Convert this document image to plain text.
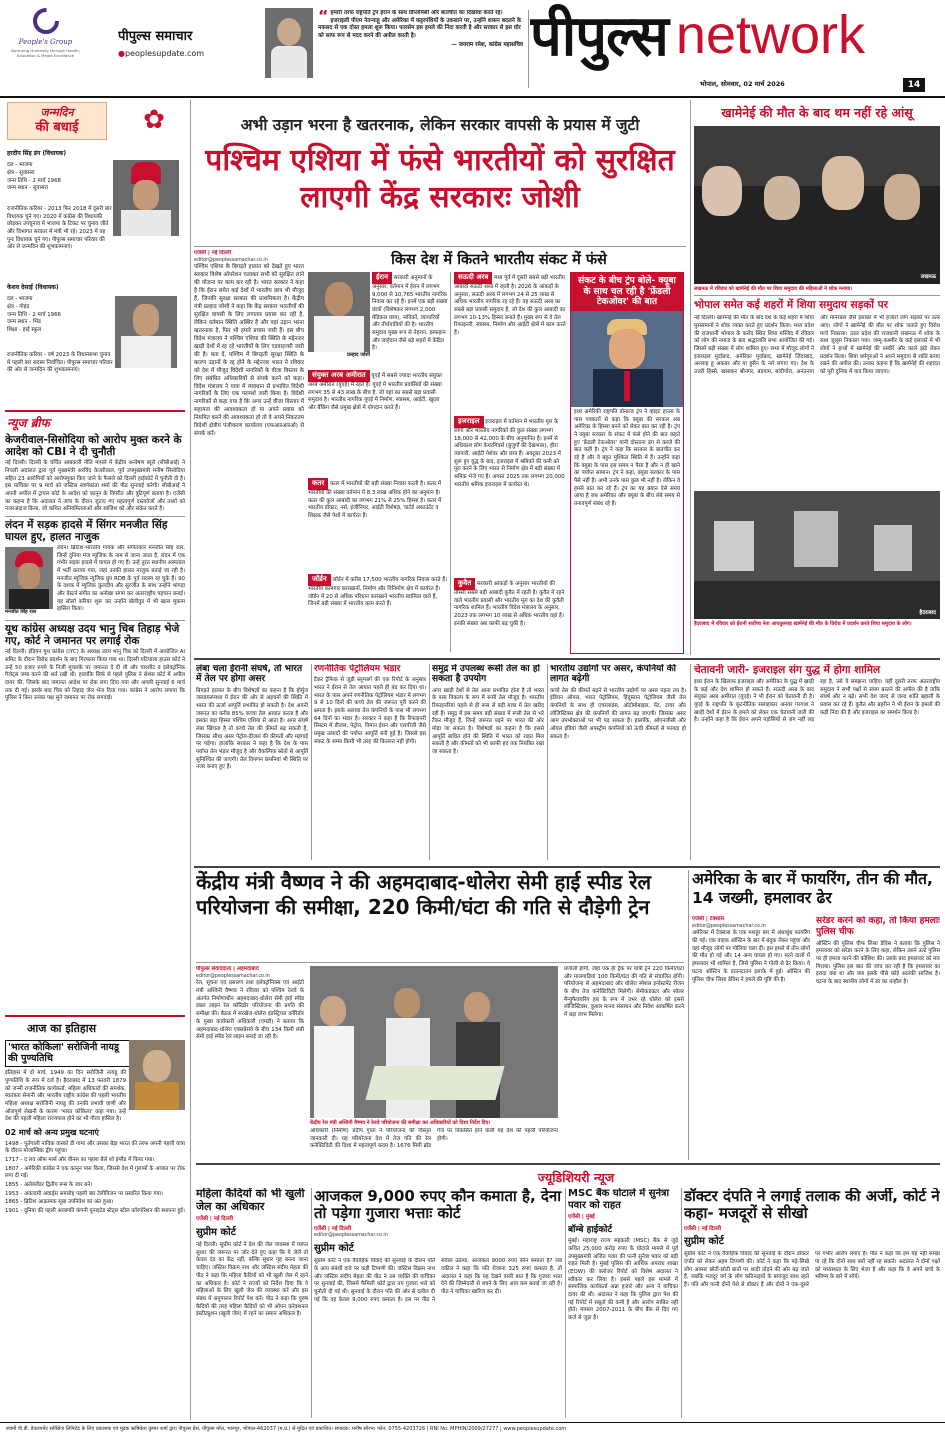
People's Group
Nurturing Humanity through Health, Education & Media Excellence
पीपुल्स समाचार
●peoplesupdate.com
“ हमारी तरफ राष्ट्रपति ट्रंप ईरान के साथ डिप्लोमेसी और बातचीत का दिखावा करते रहे। इजराइली पीएम नेतन्याहू और अमेरिका में कट्टरपंथियों के उकसाने पर, उन्होंने शासन बदलने के मकसद से एक दोस्त हमला शुरू किया। फारसेम इस हमले की निंदा करती है और सरकार से इस घोर को साफ रूप से मदद करने की अपील करती है।
— जयराम रमेश, कांग्रेस महासचिव पीपुल्स network
भोपाल, सोमवार, 02 मार्च 2026	14
जन्मदिन
की बधाई	✿
हरदीप सिंह डंग (विधायक)
दल - भाजपा
क्षेत्र - सुवासरा
जन्म तिथि - 2 मार्च 1968
जन्म स्थान - सुवासरा
राजनीतिक करियर - 2013 फिर 2018 में दूसरी बार विधायक चुने गए। 2020 में कांग्रेस की विधायकी छोड़कर उपचुनाव में भाजपा के टिकट पर चुनाव जीते और विभागत सरकार में मंत्री भी रहे। 2023 में वह पुनः विधायक चुने गए। पीपुल्स समाचार परिवार की ओर से जन्मदिन की शुभकामनाएं।
केशव देसाई (विधायक)
दल - भाजपा
क्षेत्र - गोहद
जन्म तिथि - 2 मार्च 1966
जन्म स्थान - भिंड
शिक्षा - हाई स्कूल
राजनीतिक करियर - वर्ष 2023 के विधानसभा चुनाव में पहली बार सदस्य निर्वाचित। पीपुल्स समाचार परिवार की ओर से जन्मदिन की शुभकामनाएं।
न्यूज ब्रीफ
केजरीवाल-सिसोदिया को आरोप मुक्त करने के आदेश को CBI ने दी चुनौती
नई दिल्ली। दिल्ली के चर्चित आबकारी नीति मामले में केंद्रीय अन्वेषण ब्यूरो (सीबीआई) ने निचली अदालत द्वारा पूर्व मुख्यमंत्री अरविंद केजरीवाल, पूर्व उपमुख्यमंत्री मनीष सिसोदिया सहित 23 आरोपियों को आरोपमुक्त किए जाने के फैसले को दिल्ली हाईकोर्ट में चुनौती दी है। इस याचिका पर 9 मार्च को जस्टिस स्वर्णकांता शर्मा की पीठ सुनवाई करेगी। सीबीआई ने अपनी अपील में ट्रायल कोर्ट के आदेश को कानून के विपरीत और त्रुटिपूर्ण बताया है। एजेंसी का कहना है कि अदालत ने जांच के दौरान जुटाए गए महत्वपूर्ण दस्तावेजों और तथ्यों को नजरअंदाज किया, जो कथित अनियमितताओं और साजिश को और संकेत करते हैं।
लंदन में सड़क हादसे में सिंगर मनजीत सिंह घायल हुए, हालत नाजुक
मनजीत सिंह राल
लंदन। ब्रिटिश-भारतीय गायक और संगीतकार मनजीत सिंह राल, जिन्हें दुनिया मंज म्यूजिक के नाम से जाना जाता है, लंदन में एक गंभीर सड़क हादसे में घायल हो गए हैं। उन्हें तुरंत स्थानीय अस्पताल में भर्ती कराया गया, जहां उनकी हालत नाजुक बताई जा रही है। मनजीत म्यूजिक न्यूजिक ग्रुप RDB के पूर्व सदस्य रह चुके हैं। 90 के दशक में म्यूजिक कुलदीप और सुरजीत के साथ उन्होंने भांगड़ा और वेस्टर्न संगीत का अनोखा संगम कर अंतरराष्ट्रीय पहचान बनाई। यह सोलो करियर शुरू कर उन्होंने बॉलीवुड में भी खास मुकाम हासिल किया।
यूथ कांग्रेस अध्यक्ष उदय भानु चिब तिहाड़ भेजे गए, कोर्ट ने जमानत पर लगाई रोक
नई दिल्ली। इंडियन यूथ कांग्रेस (IYC) के अध्यक्ष उदय भानु चिब को दिल्ली में आयोजित AI समिट के दौरान विरोध प्रदर्शन के बाद गिरफ्तार किया गया था। दिल्ली पटियाला हाउस कोर्ट ने उन्हें 50 हजार रुपये के निजी मुचलके पर जमानत दे दी थी और चारशीट व इलेक्ट्रॉनिक गैजेट्स जमा करने की शर्त रखी थी। हालांकि सिर्फ से पहले पुलिस ने सेशंस कोर्ट में अपील दायर की, जिसके बाद जमानत आदेश पर रोक लगा दिया गया और अगली सुनवाई 6 मार्च तक दी गई। इसके बाद चिब को तिहाड़ जेल भेज दिया गया। कांग्रेस ने आरोप लगाया कि पुलिस ने बिना उनका पक्ष सुने जमानत पर रोक लगवाई।
आज का इतिहास
'भारत कोकिला' सरोजिनी नायडू की पुण्यतिथि
इतिहास में दो मार्च, 1949 का दिन सरोजिनी नायडू की पुण्यतिथि के रूप में दर्ज है। हैदराबाद में 13 फरवरी 1879 को जन्मीं राजनीतिक कार्यकर्ता, महिला अधिकारों की समर्थक, स्वतंत्रता सेनानी और भारतीय राष्ट्रीय कांग्रेस की पहली भारतीय महिला अध्यक्ष सरोजिनी नायडू की उनकी प्रभावी वाणी और ओजपूर्ण लेखनी के कारण 'भारत कोकिला' कहा गया। उन्हें देश की पहली महिला राज्यपाल होने का भी गौरव हासिल है।
02 मार्च को अन्य प्रमुख घटनाएं
1498 - पुर्तगाली नाविक वास्को डी गामा और उसका बेड़ा भारत की तरफ अपनी पहली यात्रा के दौरान मोजाम्बिक द्वीप पहुंचा।
1717 - द लव ऑफ मार्स और वीनस का पहला बैले शो इंग्लैंड में किया गया।
1807 - अमेरिकी कांग्रेस ने एक कानून पास किया, जिससे देश में गुलामों के आयात पर रोक लगा दी गई।
1855 - अलेक्जेंडर द्वितीय रूस के जार बने।
1953 - अकादमी अवार्ड्स समारोह पहली बार टेलीविजन पर प्रसारित किया गया।
1865 - ब्रिटिश आक्रामक सूबा उपनिवेश का अंत हुआ।
1901 - दुनिया की पहली अरबपति कंपनी यूनाइटेड स्टेट्स स्टील कॉरपोरेशन की स्थापना हुई।
अभी उड़ान भरना है खतरनाक, लेकिन सरकार वापसी के प्रयास में जुटी
पश्चिम एशिया में फंसे भारतीयों को सुरक्षित लाएगी केंद्र सरकारः जोशी
एजेंसी | नई दिल्ली
editor@peoplessamachar.co.in
पश्चिम एशिया के बिगड़ते हालात को देखते हुए भारत सरकार विशेष ऑपरेशन चलाकर सभी को सुरक्षित लाने की योजना पर काम कर रही है। भारत सरकार ने कहा है कि ईरान समेत कई देशों में भारतीय छात्र भी मौजूद हैं, जिनकी सुरक्षा सरकार की प्राथमिकता है। केंद्रीय मंत्री प्रल्हाद जोशी ने कहा कि केंद्र सरकार भारतीयों की सुरक्षित वापसी के लिए लगातार प्रयास कर रही है, लेकिन वर्तमान स्थिति अस्थिर है और वहां उड़ान भरना खतरनाक है, फिर भी हमारे प्रयास जारी हैं। इस बीच विदेश मंत्रालय ने पश्चिम एशिया की स्थिति के मद्देनजर खाड़ी देशों में रह रहे भारतीयों के लिए एडवाइजरी जारी की है। बता दें, पश्चिम में बिगड़ती सुरक्षा स्थिति के कारण उड़ानों के रद्द होने के मद्देनजर भारत ने रविवार को देश में मौजूद विदेशी नागरिकों के वीजा विस्तार के लिए संबंधित अधिकारियों से संपर्क करने को कहा। विदेश मंत्रालय ने यात्रा में व्यवधान से प्रभावित विदेशी नागरिकों के लिए एक परामर्श जारी किया है। विदेशी नागरिकों से कहा गया है कि अगर उन्हें वीजा विस्तार में सहायता की आवश्यकता हो या अपने प्रवास को नियमित करने की आवश्यकता हो तो वे अपने निकटतम विदेशी क्षेत्रीय पंजीकरण कार्यालय (एफआरआरओ) से संपर्क करें।
किस देश में कितने भारतीय संकट में फंसे
प्रल्हाद जोशी
ईरान सरकारी अनुमानों के अनुसार, वर्तमान में ईरान में लगभग 9,000 से 10,765 भारतीय नागरिक निवास कर रहे हैं। इनमें एक बड़ी संख्या छात्रों (विशेषकर लगभग 2,000 मेडिकल छात्र), नाविकों, व्यापारियों और तीर्थयात्रियों की है। भारतीय समुदाय मुख्य रूप से तेहरान, इस्फहान और जाहेदान जैसे बड़े शहरों में केंद्रित है।
संयुक्त अरब अमीरात यूएई में सबसे ज्यादा भारतीय संयुक्त अरब अमीरात (यूएई) में रहते हैं। यूएई में भारतीय प्रवासियों की संख्या लगभग 35 से 43 लाख के बीच है, जो वहां का सबसे बड़ा प्रवासी समुदाय है। भारतीय नागरिक यूएई में निर्माण, स्वास्थ्य, आईटी, खुदरा और बैंकिंग जैसे प्रमुख क्षेत्रों में योगदान करते हैं।
कतर कतर में भारतीयों की बड़ी संख्या निवास करती है। कतर में भारतीयों की संख्या वर्तमान में 8.3 लाख अधिक होने का अनुमान है। कतर की कुल आबादी का लगभग 21% से 25% हिस्सा है। कतर में भारतीय डॉक्टर, नर्स, इंजीनियर, आईटी विशेषज्ञ, चार्टर्ड अकाउंटेंट व शिक्षक जैसे पेशों में कार्यरत हैं।
जॉर्डन जॉर्डन में करीब 17,500 भारतीय नागरिक निवास करते हैं। भारतीय कामगार कारखानों, निर्माण और विनिर्माण क्षेत्र में कार्यरत हैं। जॉर्डन में 20 से अधिक परिधान कारखाने भारतीय स्वामित्व वाले हैं, जिनमें बड़ी संख्या में भारतीय काम करते हैं।
सऊदी अरब मध्य पूर्व में दूसरी सबसे बड़ी भारतीय आबादी सऊदी अरब में रहती है। 2026 के आंकड़ों के अनुसार, सऊदी अरब में लगभग 24 से 25 लाख से अधिक भारतीय नागरिक रह रहे हैं। वह सऊदी अरब का सबसे बड़ा प्रवासी समुदाय है, जो देश की कुल आबादी का लगभग 10-13% हिस्सा बनाते हैं। मुख्य रूप से वे तेल रिफाइनरी, स्वास्थ्य, निर्माण और आईटी क्षेत्रों में काम करते हैं।
इजराइल इजराइल में वर्तमान में भारतीय मूल के लोगों और भारतीय नागरिकों की कुल संख्या लगभग 18,000 से 42,000 के बीच अनुमानित है। इनमें से अधिकांश लोग केयरगिवर्स (बुजुर्गों की देखभाल), हीरा व्यापारी, आईटी पेशेवर और छात्र हैं। अक्टूबर 2023 में शुरू हुए युद्ध के बाद, इजराइल में श्रमिकों की कमी को पूरा करने के लिए भारत से निर्माण क्षेत्र में बड़ी संख्या में श्रमिक भेजे गए हैं। अगस्त 2025 तक लगभग 20,000 भारतीय श्रमिक इजराइल में कार्यरत थे।
कुवैत सरकारी आंकड़ों के अनुसार भारतीयों की तीसरी सबसे बड़ी आबादी कुवैत में रहती है। कुवैत में रहने वाले भारतीय प्रवासी और भारतीय मूल का देश की कुवैती नागरिक शामिल हैं। भारतीय विदेश मंत्रालय के अनुसार, 2023 तक लगभग 10 लाख से अधिक भारतीय वहां हैं। इनकी संख्या अब काफी बढ़ चुकी है।
संकट के बीच ट्रंप बोले- क्यूबा के साथ चल रही है 'फ्रेंडली टेकओवर' की बात
इधर अमेरिकी राष्ट्रपति डोनाल्ड ट्रंप ने व्हाइट हाउस के पास पत्रकारों से कहा कि क्यूबा की सरकार अब अमेरिका के हिस्सा बनने को लेकर बात कर रही है। ट्रंप ने क्यूबा सरकार के संकट में फंसे होने की बात कहते हुए 'फ्रेंडली टेकओवर' यानी दोस्ताना ढंग से कब्जे की बात कही है। ट्रंप ने कहा कि सरकार के बातचीत कर रहे हैं और वे बहुत मुश्किल स्थिति में हैं। उन्होंने कहा कि क्यूबा के पास इस समय न पैसा है और न ही खाने का पर्याप्त सामान। ट्रंप ने कहा, क्यूबा सरकार के पास पैसे नहीं हैं। अभी उनके पास कुछ भी नहीं है। लेकिन वे हमसे बात कर रहे हैं। ट्रंप का यह बयान ऐसे समय आया है जब अमेरिका और क्यूबा के बीच लंबे समय से तनावपूर्ण संबंध रहे हैं।
खामेनेई की मौत के बाद थम नहीं रहे आंसू
लखनऊ
लखनऊ में रविवार को खामेनेई की मौत पर शिया समुदाय की महिलाओं ने शोक मनाया।
भोपाल समेत कई शहरों में शिया समुदाय सड़कों पर
नई दिल्ली। खामेनेई की मौत के बाद देश के कई शहरों में शिया मुसलमानों ने शोक व्यक्त करते हुए प्रदर्शन किया। मध्य प्रदेश की राजधानी भोपाल के करोंद स्थित शिया मस्जिद में रविवार को लोग की नमाज के बाद श्रद्धांजलि सभा आयोजित की गई। जिसमें बड़ी संख्या में लोग शामिल हुए। सभा में मौजूद लोगों ने इजराइल मुर्दाबाद, अमेरिका मुर्दाबाद, खामेनेई जिंदाबाद, अल्लाह हू अकबर और या हुसैन के नारे लगाए गए। देश के उत्तरी हिस्से, खासकर श्रीनगर, बडगाम, बांदीपोरा, अनंतनाग और मानेरबल जैसे इलाकों में भी हजारों लोग सड़कों पर उतर आए। लोगों ने खामेनेई की मौत पर शोक जताते हुए विरोध मार्च निकाला। उत्तर प्रदेश की राजधानी लखनऊ में शोक के साथ जुलूस निकाला गया। जम्मू-कश्मीर के कई इलाकों में भी लोगों ने हाथों में खामेनेई की तस्वीरें और काले झंडे लेकर प्रदर्शन किया। शिया धर्मगुरुओं ने अपने समुदाय से शांति बनाए रखने की अपील की। उनका कहना है कि खामेनेई की शहादत को पूरी दुनिया में याद किया जाएगा।
हैदराबाद
हैदराबाद में रविवार को ईरानी सर्वोच्च नेता आयतुल्लाह खामेनेई की मौत के विरोध में प्रदर्शन करते शिया समुदाय के लोग।
लंबा चला ईरानी संघर्ष, तो भारत में तेल पर होगा असर
बिगड़ते हालात के बीच विशेषज्ञों का कहना है कि होर्मुज जलडमरूमध्य में ईरान की ओर से अड़चनों की स्थिति में भारत की ऊर्जा आपूर्ति प्रभावित हो सकती है। देश अपनी जरूरत का करीब 85% कच्चा तेल आयात करता है और इसका बड़ा हिस्सा पश्चिम एशिया से आता है। अगर संघर्ष लंबा खिंचता है तो कच्चे तेल की कीमतें बढ़ सकती हैं, जिसका सीधा असर पेट्रोल-डीजल की कीमतों और महंगाई पर पड़ेगा। हालांकि सरकार ने कहा है कि देश के पास पर्याप्त तेल भंडार मौजूद है और वैकल्पिक स्रोतों से आपूर्ति सुनिश्चित की जाएगी। तेल विपणन कंपनियां भी स्थिति पर नजर बनाए हुए हैं।
रणनीतिक पेट्रोलियम भंडार
टैंकर ट्रैफिक से जुड़ी ब्लूमबर्ग की एक रिपोर्ट के अनुसार भारत ने ईरान से तेल आयात पहले ही बंद कर दिया था। भारत के पास अपने रणनीतिक पेट्रोलियम भंडार में लगभग 9 से 10 दिनों की कच्चे तेल की जरूरत पूरी करने की क्षमता है। इसके अलावा तेल कंपनियों के पास भी लगभग 64 दिनों का भंडार है। सरकार ने कहा है कि रिफाइनरी सिस्टम में डीजल, पेट्रोल, विमान ईंधन और एलपीजी जैसे प्रमुख उत्पादों की पर्याप्त आपूर्ति बनी हुई है। जिससे इस संकट के समय किसी भी तरह की किल्लत नहीं होगी।
समुद्र में उपलब्ध रूसी तेल का हो सकता है उपयोग
अगर खाड़ी देशों से तेल आना प्रभावित होता है तो भारत के पास विकल्प के रूप में रूसी तेल मौजूद है। भारतीय रिफाइनरियां पहले से ही रूस से बड़ी मात्रा में तेल खरीद रही हैं। समुद्र में इस समय बड़ी संख्या में रूसी तेल से भरे टैंकर मौजूद हैं, जिन्हें जरूरत पड़ने पर भारत की ओर मोड़ा जा सकता है। विशेषज्ञों का कहना है कि इससे आपूर्ति बाधित होने की स्थिति में भारत को राहत मिल सकती है और कीमतों को भी काफी हद तक नियंत्रित रखा जा सकता है।
भारतीय उद्योगों पर असर, कंपनियों की लागत बढ़ेगी
कच्चे तेल की कीमतें बढ़ने से भारतीय उद्योगों पर असर पड़ना तय है। इंडियन ऑयल, भारत पेट्रोलियम, हिंदुस्तान पेट्रोलियम जैसी तेल कंपनियों के साथ ही एयरलाइंस, ऑटोमोबाइल, पेंट, टायर और लॉजिस्टिक्स क्षेत्र की कंपनियों की लागत बढ़ जाएगी। जिसका असर आम उपभोक्ताओं पर भी पड़ सकता है। हालांकि, ओएनजीसी और ऑयल इंडिया जैसी अपस्ट्रीम कंपनियों को ऊंची कीमतों से फायदा हो सकता है।
चेतावनी जारी- इजराइल संग युद्ध में होगा शामिल
इधर ईरान के खिलाफ इजराइल और अमेरिका के युद्ध में खाड़ी के कई और देश शामिल हो सकते हैं। सऊदी अरब के बाद संयुक्त अरब अमीरात (यूएई) ने भी ईरान को चेतावनी दी है। यूएई के राष्ट्रपति के कूटनीतिक सलाहकार अनवर गरगाश ने खाड़ी देशों में ईरान के हमले को लेकर एक चेतावनी जारी की है। उन्होंने कहा है कि ईरान अपने पड़ोसियों से जंग नहीं लड़ रहा है, उसे ये समझना चाहिए। वहीं दूसरी तरफ अंतरराष्ट्रीय समुदाय ने सभी पक्षों से संयम बरतने की अपील की है ताकि संघर्ष और न बढ़े। सभी देश जल्द से जल्द शांति बहाली के प्रयास कर रहे हैं। कुवैत और बहरीन ने भी ईरान के हमलों की कड़ी निंदा की है और इजराइल का समर्थन किया है।
केंद्रीय मंत्री वैष्णव ने की अहमदाबाद-धोलेरा सेमी हाई स्पीड रेल परियोजना की समीक्षा, 220 किमी/घंटा की गति से दौड़ेगी ट्रेन
पीपुल्स संवाददाता | अहमदाबाद
editor@peoplessamachar.co.in
रेल, सूचना एवं प्रसारण तथा इलेक्ट्रॉनिक्स एवं आईटी मंत्री अश्विनी वैष्णव ने रविवार को पश्चिम रेलवे के अंतर्गत निर्माणाधीन अहमदाबाद-धोलेरा सेमी हाई स्पीड डबल लाइन रेल कॉरिडोर परियोजना की प्रगति की समीक्षा की। बैठक में सरखेज-धोलेरा इंडस्ट्रियल कॉरिडोर के मुख्य कार्यकारी अधिकारी (एमडी) ने बताया कि अहमदाबाद-धोलेरा एक्सप्रेसवे के बीच 134 किमी लंबी सेमी हाई स्पीड रेल लाइन बनाई जा रही है।
केंद्रीय रेल मंत्री अश्विनी वैष्णव ने रेलवे परियोजना की समीक्षा कर अधिकारियों को दिशा निर्देश दिए।
अधिकारी (निर्माण) प्रदीप गुप्ता ने परियोजना की विस्तृत जानकारी दी। यह परियोजना देश में तेज गति की रेल कनेक्टिविटी की दिशा में महत्वपूर्ण कदम है। 1676 मिमी ब्रॉड गेज पर विकसित होने वाली यह देश की पहली परियोजना होगी।
प्रणाली होगी, जहां एक ही ट्रैक पर यात्री ट्रेनें 220 किमी/घंटा और मालगाड़ियां 100 किमी/घंटा की गति से संचालित होंगी। परियोजना से अहमदाबाद और धोलेरा स्पेशल इन्वेस्टमेंट रीजन के बीच तेज कनेक्टिविटी मिलेगी। सेमीकंडक्टर और सोलर मैन्युफैक्चरिंग हब के रूप में उभर रहे धोलेरा को इससे लॉजिस्टिक्स, कुशल मानव संसाधन और निवेश आकर्षित करने में बड़ा लाभ मिलेगा।
अमेरिका के बार में फायरिंग, तीन की मौत, 14 जख्मी, हमलावर ढेर
एजेंसी | टेक्सास
editor@peoplessamachar.co.in
अमेरिका में टेक्सास के एक मशहूर बार में अंधाधुंध फायरिंग की गई। एक वाहक ऑस्टिन के बार में बंदूक लेकर पहुंचा और वहां मौजूद लोगों पर गोलियां चला दीं। इस हमले में तीन लोगों की मौत हो गई और 14 अन्य घायल हो गए। मरने वालों में हमलावर भी शामिल है, जिसे पुलिस ने गोली से ढेर किया। ये घटना ऑस्टिन के डाउनटाउन इलाके में हुई। ऑस्टिन की पुलिस चीफ लिसा डेविस ने हमले की पुष्टि की है।
सरेंडर करने को कहा, तो किया हमलाः पुलिस चीफ
ऑस्टिन की पुलिस चीफ लिसा डेविस ने बताया कि पुलिस ने हमलावर को सरेंडर करने के लिए कहा, लेकिन उसने उल्टे पुलिस पर ही हमला करने की कोशिश की। उसके बाद हमलावर को मार गिराया। पुलिस इस बात की जांच कर रही है कि हमलावर का इरादा क्या था और क्या इसके पीछे कोई आतंकी साजिश है। घटना के बाद स्थानीय लोगों में डर का माहौल है।
ज्यूडिशियरी न्यूज
महिला कैदियों को भी खुली जेल का अधिकार
एजेंसी | नई दिल्ली
सुप्रीम कोर्ट
नई दिल्ली। सुप्रीम कोर्ट ने देश की जेल व्यवस्था में व्याप्त सुधार की जरूरत पर जोर देते हुए कहा कि ये जेलें तो केवल दंड का केंद्र नहीं, बल्कि सुधार गृह बनना जाना चाहिए। जस्टिस विक्रम नाथ और जस्टिस संदीप मेहता की पीठ ने कहा कि महिला कैदियों को भी खुली जेल में रहने का अधिकार है। कोर्ट ने राज्यों को निर्देश दिया कि वे महिलाओं के लिए खुली जेल की व्यवस्था करें और इस संबंध में अनुपालन रिपोर्ट पेश करें। पीठ ने कहा कि पुरुष कैदियों की तरह महिला कैदियों को भी ओपन करेक्शनल इंस्टीट्यूशन (खुली जेल) में रहने का समान अधिकार है।
आजकल 9,000 रुपए कौन कमाता है, देना तो पड़ेगा गुजारा भत्ताः कोर्ट
एजेंसी | नई दिल्ली
editor@peoplessamachar.co.in
सुप्रीम कोर्ट
सुप्रीम कोर्ट ने एक वैवाहिक विवाद की सुनवाई के दौरान पति के आय संबंधी दावे पर कड़ी टिप्पणी की। जस्टिस विक्रम नाथ और जस्टिस संदीप मेहता की पीठ ने उस व्यक्ति की याचिका पर सुनवाई की, जिसमें फैमिली कोर्ट द्वारा तय गुजारा भत्ते को चुनौती दी गई थी। सुनवाई के दौरान पति की ओर से दलील दी गई कि वह केवल 9,000 रुपए कमाता है। इस पर पीठ ने सवाल उठाया, आजकल 9000 रुपए कौन कमाता है? जब वकील ने कहा कि पति रोजाना 325 रुपए कमाता है, तो अदालत ने कहा कि यह देखने वाली बात है कि गुजारा भत्ता देने की जिम्मेदारी से बचने के लिए आय कम बताई जा रही है। पीठ ने याचिका खारिज कर दी।
MSC बैंक घोटाले में सुनेत्रा पवार को राहत
एजेंसी | मुंबई
बॉम्बे हाईकोर्ट
मुंबई। महाराष्ट्र राज्य सहकारी (MSC) बैंक से जुड़े कथित 25,000 करोड़ रुपए के घोटाले मामले में पूर्व उपमुख्यमंत्री अजित पवार की पत्नी सुनेत्रा पवार को बड़ी राहत मिली है। मुंबई पुलिस की आर्थिक अपराध शाखा (EOW) की क्लोजर रिपोर्ट को विशेष अदालत ने स्वीकार कर लिया है। इससे पहले इस मामले में सामाजिक कार्यकर्ता अन्ना हजारे और अन्य ने याचिका दायर की थी। अदालत ने कहा कि पुलिस द्वारा पेश की गई रिपोर्ट में सबूतों की कमी है और आरोप साबित नहीं होते। मामला 2007-2011 के बीच बैंक से दिए गए कर्ज से जुड़ा है।
डॉक्टर दंपति ने लगाई तलाक की अर्जी, कोर्ट ने कहा- मजदूरों से सीखो
एजेंसी | नई दिल्ली
सुप्रीम कोर्ट
सुप्रीम कोर्ट ने एक वैवाहिक विवाद की सुनवाई के दौरान डॉक्टर दंपति को लेकर अहम टिप्पणी की। कोर्ट ने कहा कि पढ़े-लिखे लोग अक्सर छोटी-छोटी बातों पर शादी तोड़ने की ओर बढ़ जाते हैं, जबकि मजदूर वर्ग के लोग कठिनाइयों के बावजूद साथ रहते हैं। पति और पत्नी दोनों पेशे से डॉक्टर हैं और दोनों ने एक-दूसरे पर गंभीर आरोप लगाए हैं। पीठ ने कहा कि हम यह नहीं समझ पा रहे कि दोनों साथ क्यों नहीं रह सकते। अदालत ने दोनों पक्षों को मध्यस्थता के लिए भेजा है और कहा कि वे अपने बच्चे के भविष्य के बारे में सोचें।
स्वामी पी.डी. डेवलपमेंट सर्विसेज लिमिटेड के लिए प्रकाशक एवं मुद्रक ऋषिकेश कुमार शर्मा द्वारा पीपुल्स प्रेस, पीपुल्स मॉल, भानपुर, भोपाल-462037 (म.प्र.) से मुद्रित एवं प्रकाशित। संपादक: मनीष सौरभ। फोन: 0755-4203726 | RNI No. MPHIN/2009/27277 | www.peoplesupdate.com
